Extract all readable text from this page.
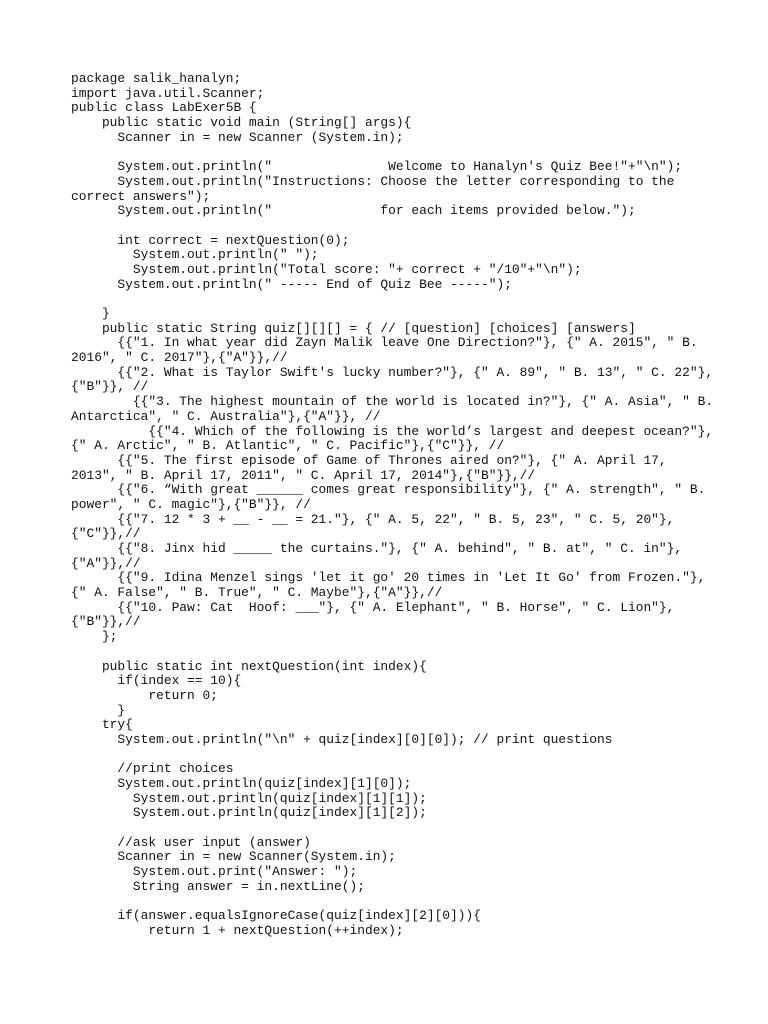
package salik_hanalyn;
import java.util.Scanner;
public class LabExer5B {
public static void main (String[] args){
Scanner in = new Scanner (System.in);
System.out.println("               Welcome to Hanalyn's Quiz Bee!"+"\n");
System.out.println("Instructions: Choose the letter corresponding to the
correct answers");
System.out.println("              for each items provided below.");
int correct = nextQuestion(0);
System.out.println(" ");
System.out.println("Total score: "+ correct + "/10"+"\n");
System.out.println(" ----- End of Quiz Bee -----");
}
public static String quiz[][][] = { // [question] [choices] [answers]
{{"1. In what year did Zayn Malik leave One Direction?"}, {" A. 2015", " B.
2016", " C. 2017"},{"A"}},//
{{"2. What is Taylor Swift's lucky number?"}, {" A. 89", " B. 13", " C. 22"},
{"B"}}, //
{{"3. The highest mountain of the world is located in?"}, {" A. Asia", " B.
Antarctica", " C. Australia"},{"A"}}, //
{{"4. Which of the following is the world’s largest and deepest ocean?"},
{" A. Arctic", " B. Atlantic", " C. Pacific"},{"C"}}, //
{{"5. The first episode of Game of Thrones aired on?"}, {" A. April 17,
2013", " B. April 17, 2011", " C. April 17, 2014"},{"B"}},//
{{"6. “With great ______ comes great responsibility"}, {" A. strength", " B.
power", " C. magic"},{"B"}}, //
{{"7. 12 * 3 + __ - __ = 21."}, {" A. 5, 22", " B. 5, 23", " C. 5, 20"},
{"C"}},//
{{"8. Jinx hid _____ the curtains."}, {" A. behind", " B. at", " C. in"},
{"A"}},//
{{"9. Idina Menzel sings 'let it go' 20 times in 'Let It Go' from Frozen."},
{" A. False", " B. True", " C. Maybe"},{"A"}},//
{{"10. Paw: Cat  Hoof: ___"}, {" A. Elephant", " B. Horse", " C. Lion"},
{"B"}},//
};
public static int nextQuestion(int index){
if(index == 10){
return 0;
}
try{
System.out.println("\n" + quiz[index][0][0]); // print questions
//print choices
System.out.println(quiz[index][1][0]);
System.out.println(quiz[index][1][1]);
System.out.println(quiz[index][1][2]);
//ask user input (answer)
Scanner in = new Scanner(System.in);
System.out.print("Answer: ");
String answer = in.nextLine();
if(answer.equalsIgnoreCase(quiz[index][2][0])){
return 1 + nextQuestion(++index);
